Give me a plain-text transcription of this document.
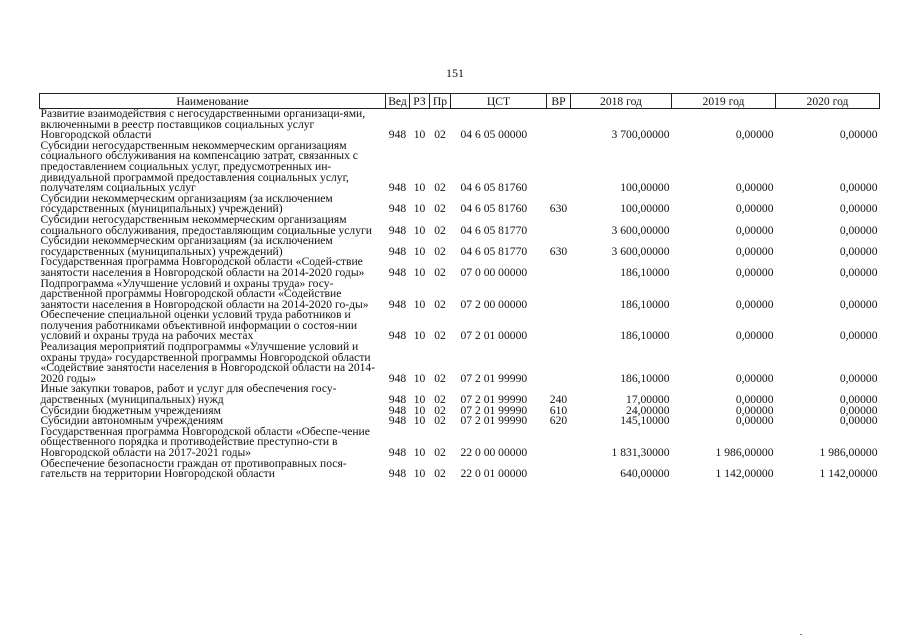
151
Наименование	Вед	РЗ	Пр	ЦСТ	ВР	2018 год	2019 год	2020 год
Развитие взаимодействия с негосударственными организаци-ями, включенными в реестр поставщиков социальных услуг Новгородской области	948	10	02	04 6 05 00000		3 700,00000	0,00000	0,00000
Субсидии негосударственным некоммерческим организациям социального обслуживания на компенсацию затрат, связанных с предоставлением социальных услуг, предусмотренных ин-дивидуальной программой предоставления социальных услуг, получателям социальных услуг	948	10	02	04 6 05 81760		100,00000	0,00000	0,00000
Субсидии некоммерческим организациям (за исключением государственных (муниципальных) учреждений)	948	10	02	04 6 05 81760	630	100,00000	0,00000	0,00000
Субсидии негосударственным некоммерческим организациям социального обслуживания, предоставляющим социальные услуги	948	10	02	04 6 05 81770		3 600,00000	0,00000	0,00000
Субсидии некоммерческим организациям (за исключением государственных (муниципальных) учреждений)	948	10	02	04 6 05 81770	630	3 600,00000	0,00000	0,00000
Государственная программа Новгородской области «Содей-ствие занятости населения в Новгородской области на 2014-2020 годы»	948	10	02	07 0 00 00000		186,10000	0,00000	0,00000
Подпрограмма «Улучшение условий и охраны труда» госу-дарственной программы Новгородской области «Содействие занятости населения в Новгородской области на 2014-2020 го-ды»	948	10	02	07 2 00 00000		186,10000	0,00000	0,00000
Обеспечение специальной оценки условий труда работников и получения работниками объективной информации о состоя-нии условий и охраны труда на рабочих местах	948	10	02	07 2 01 00000		186,10000	0,00000	0,00000
Реализация мероприятий подпрограммы «Улучшение условий и охраны труда» государственной программы Новгородской области «Содействие занятости населения в Новгородской области на 2014-2020 годы»	948	10	02	07 2 01 99990		186,10000	0,00000	0,00000
Иные закупки товаров, работ и услуг для обеспечения госу-дарственных (муниципальных) нужд	948	10	02	07 2 01 99990	240	17,00000	0,00000	0,00000
Субсидии бюджетным учреждениям	948	10	02	07 2 01 99990	610	24,00000	0,00000	0,00000
Субсидии автономным учреждениям	948	10	02	07 2 01 99990	620	145,10000	0,00000	0,00000
Государственная программа Новгородской области «Обеспе-чение общественного порядка и противодействие преступно-сти в Новгородской области на 2017-2021 годы»	948	10	02	22 0 00 00000		1 831,30000	1 986,00000	1 986,00000
Обеспечение безопасности граждан от противоправных пося-гательств на территории Новгородской области	948	10	02	22 0 01 00000		640,00000	1 142,00000	1 142,00000
